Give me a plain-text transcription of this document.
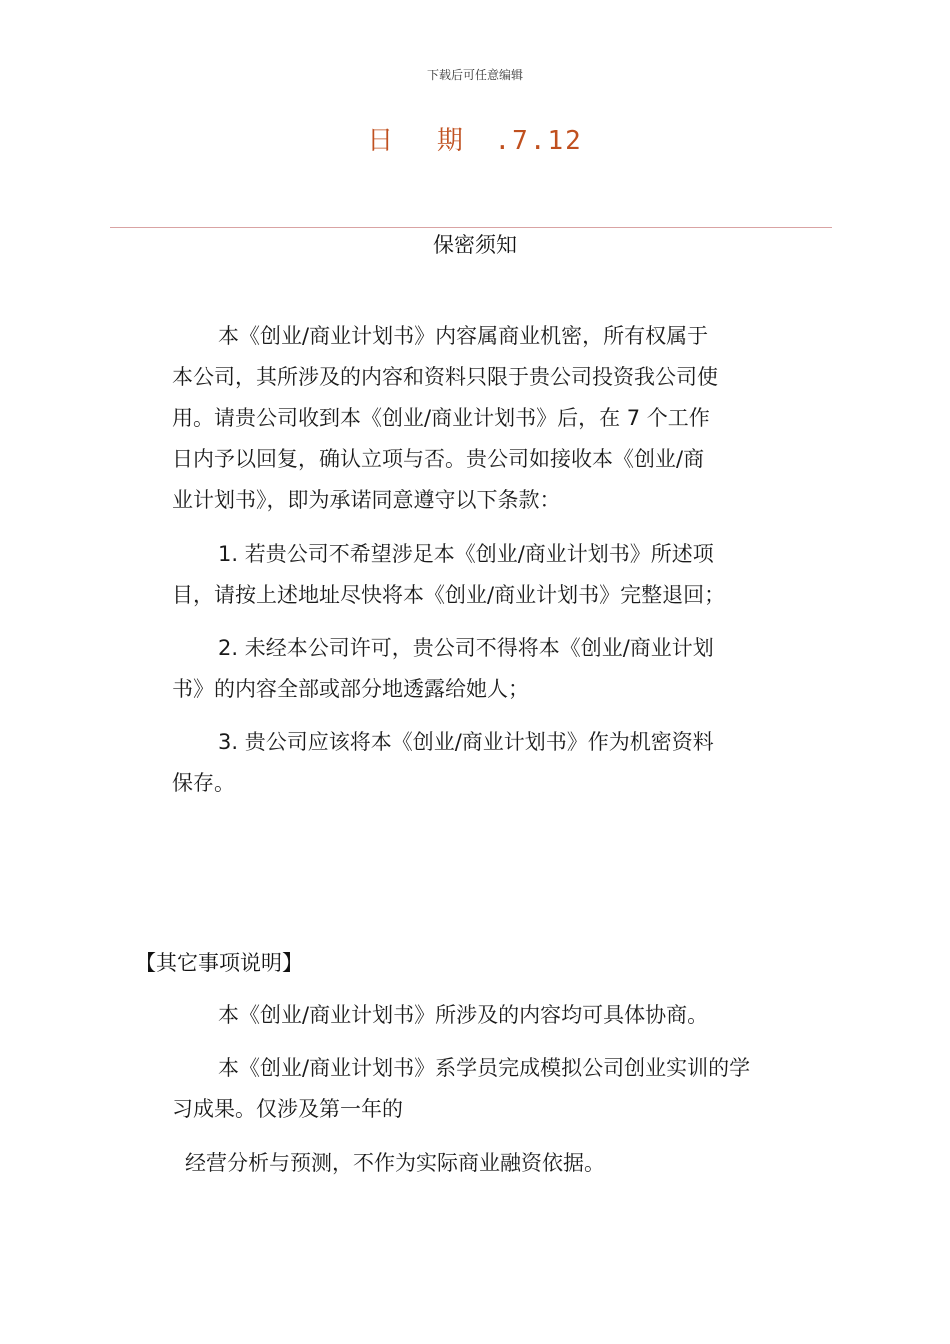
下载后可任意编辑
日 期 .7.12
保密须知
本《创业/商业计划书》内容属商业机密，所有权属于
本公司，其所涉及的内容和资料只限于贵公司投资我公司使
用。请贵公司收到本《创业/商业计划书》后，在 7 个工作
日内予以回复，确认立项与否。贵公司如接收本《创业/商
业计划书》，即为承诺同意遵守以下条款：
1. 若贵公司不希望涉足本《创业/商业计划书》所述项
目，请按上述地址尽快将本《创业/商业计划书》完整退回；
2. 未经本公司许可，贵公司不得将本《创业/商业计划
书》的内容全部或部分地透露给她人；
3. 贵公司应该将本《创业/商业计划书》作为机密资料
保存。
【其它事项说明】
本《创业/商业计划书》所涉及的内容均可具体协商。
本《创业/商业计划书》系学员完成模拟公司创业实训的学
习成果。仅涉及第一年的
经营分析与预测，不作为实际商业融资依据。
